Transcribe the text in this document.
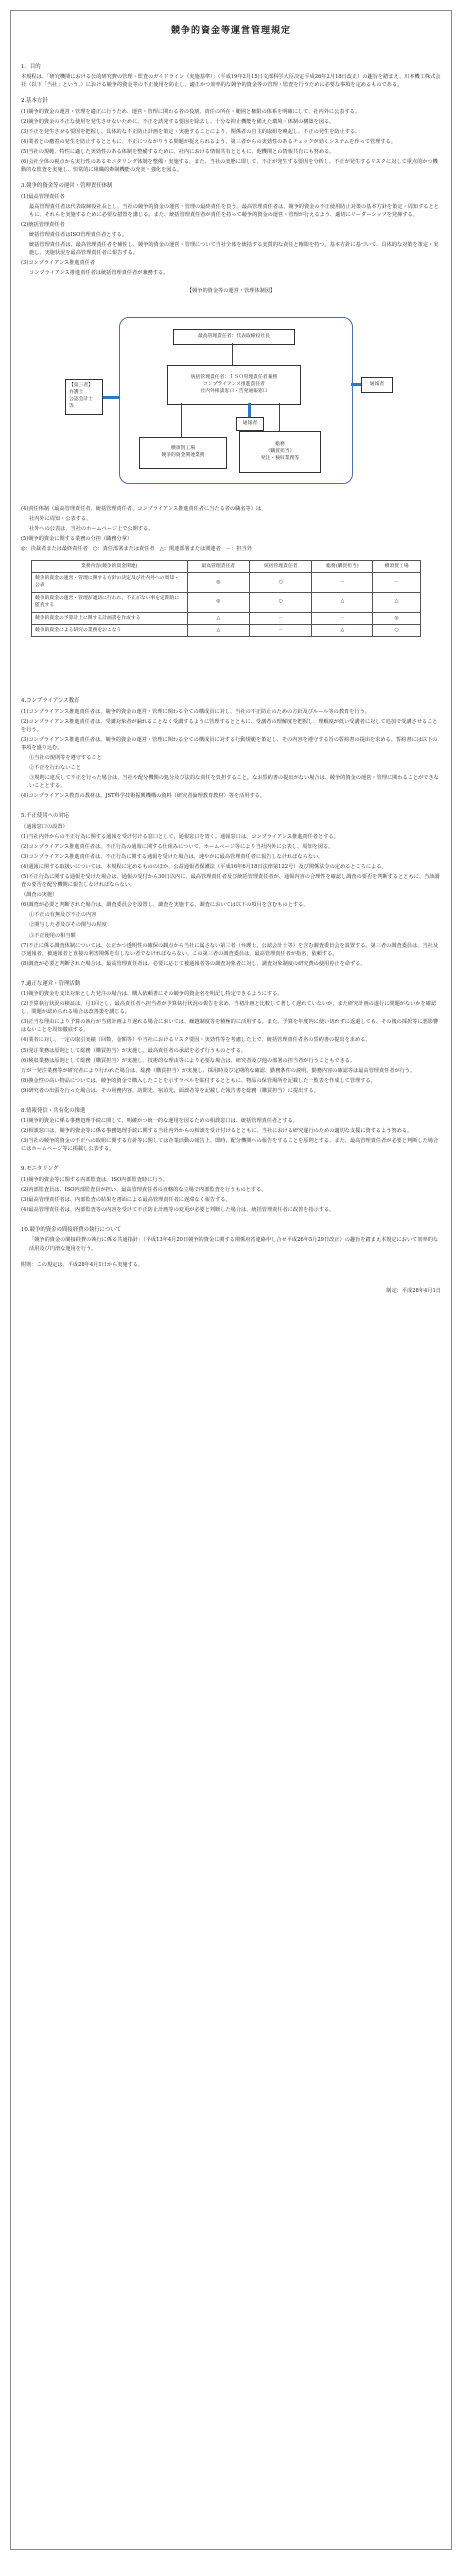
競争的資金等運営管理規定
1．目的

本規程は、「研究機関における公的研究費の管理・監査のガイドライン（実施基準）」（平成19年2月15日文部科学大臣決定平成26年2月18日改正）の趣旨を踏まえ、川本機工株式会社（以下「当社」という。）における競争的資金等の不正使用を防止し、適正かつ効率的な競争的資金等の管理・監査を行うために必要な事項を定めるものである。

2.基本方針

(1)競争的資金の運営・管理を適正に行うため、運営・管理に関わる者の役割、責任の所在・範囲と権限の体系を明確にして、社内外に公表する。

(2)競争的資金の不正な使用を発生させないために、不正を誘発する要因を除去し、十分な抑止機能を備えた環境・体制の構築を図る。

(3)不正を発生させる要因を把握し、具体的な不正防止計画を策定・実施することにより、関係者の自主的取組を喚起し、不正の発生を防止する。

(4)業者との癒着の発生を防止するとともに、不正につながりうる問題が捉えられるよう、第三者からの実効性のあるチェックが効くシステムを作って管理する。

(5)当社の規範、特性に適した実効性のある体制を整備するために、社内における情報共有とともに、他機関との情報共有にも努める。

(6)会社全体の視点から実行性のあるモニタリング体制を整備・実施する。また、当社の実態に即して、不正が発生する要因を分析し、不正が発生するリスクに対して重点的かつ機動的な監査を実施し、恒常的に組織的牽制機能の充実・強化を図る。

3.競争的資金等の運営・管理責任体制

(1)最高管理責任者

最高管理責任者は代表取締役社長とし、当社の競争的資金の運営・管理の最終責任を負う。最高管理責任者は、競争的資金の不正使用防止対策の基本方針を策定・周知するとともに、それらを実施するために必要な措置を講じる。また、統括管理責任者が責任を持って競争的資金の運営・管理が行えるよう、適切にリーダーシップを発揮する。

(2)統括管理責任者

統括管理責任者はISO管理責任者とする。

統括管理責任者は、最高管理責任者を補佐し、競争的資金の運営・管理について当社全体を統括する実質的な責任と権限を持つ。基本方針に基づいて、具体的な対策を策定・実施し、実施状況を最高管理責任者に報告する。

(3)コンプライアンス推進責任者

コンプライアンス推進責任者は統括管理責任者が兼務する。

【競争的資金等の運営・管理体制図】
最高管理責任者：代表取締役社長
統括管理責任者：ＩＳＯ管理責任者兼務
コンプライアンス推進責任者
社内外相談窓口・告発通報窓口
【第三者】
弁護士
公認会計士
等
通報者
通報者
横須賀工場
競争的資金関連業務
総務
（購買担当）
発注・検収業務等

(4)責任体制（最高管理責任者、統括管理責任者、コンプライアンス推進責任者に当たる者の職名等）は、

社内外に周知・公表する。

社外への公表は、当社のホームページ上で公開する。

(5)競争的資金に関する業務の分担（職務分掌）

◎：決裁者または最終責任者　○：責任部署または責任者　△：関連部署または関連者　－：担当外

業務内容(競争的資金関連)	最高管理責任者	統括管理責任者	総務(購買担当)	横須賀工場
競争的資金の運営・管理に関する方針の決定及び社内外への周知・公表	◎	○	－	－
競争的資金の運営・管理が適切に行われ、不正がない事を定期的に監査する	◎	○	△	△
競争的資金の予算計上に関する計画書を作成する	△	－	－	◎
競争的資金による研究の業務をおこなう	△	－	△	○
4.コンプライアンス教育

(1)コンプライアンス推進責任者は、競争的資金の運営・管理に関わる全ての構成員に対し、当社の不正防止のための方針及びルール等の教育を行う。

(2)コンプライアンス推進責任者は、受講対象者が漏れることなく受講するように管理するとともに、受講者の理解度を把握し、理解度が低い受講者に対して追加で受講させることを行う。

(3)コンプライアンス推進責任者は、競争的資金の運営・管理に関わる全ての構成員に対する行動規範を策定し、その内容を遵守する旨の誓約書の提出を求める。誓約書には以下の事項を盛り込む。

①当社の規則等を遵守すること

②不正を行わないこと

③規則に違反して不正を行った場合は、当社や配分機関の処分及び法的な責任を負担すること。なお誓約書の提出がない場合は、競争的資金の運営・管理に関わることができないこととする。

(4)コンプライアンス教育の教材は、JST科学技術振興機構の資料（研究者倫理教育教材）等を活用する。

5.不正使用への対応

（通報窓口の設置）

(1)当社内外からの不正行為に関する通報を受け付ける窓口として、通報窓口を置く。通報窓口は、コンプライアンス推進責任者とする。

(2)コンプライアンス推進責任者は、不正行為の通報に関する仕組みについて、ホームページ等により当社内外に公表し、周知を図る。

(3)コンプライアンス推進責任者は、不正行為に関する通報を受けた場合は、速やかに最高管理責任者に報告しなければならない。

(4)通報に関する取扱いについては、本規程に定めるもののほか、公益通報者保護法（平成16年6月18日法律第122号）及び関係法令の定めるところによる。

(5)不正行為に関する通報を受けた場合は、通報の受付から30日以内に、最高管理責任者及び統括管理責任者が、通報内容の合理性を確認し調査の要否を判断するとともに、当該調査の要否を配分機関に報告しなければならない。

（調査の実施）

(6)調査が必要と判断された場合は、調査委員会を設置し、調査を実施する。調査においては以下の項目を含むものとする。

①不正の有無及び不正の内容

②関与した者及びその関与の程度

③不正使用の相当額

(7)不正に係る調査体制については、公正かつ透明性の確保の観点から当社に属さない第三者（弁護士、公認会計士等）を含む調査委員会を設置する。第三者の調査委員は、当社及び通報者、被通報者と直接の利害関係を有しない者でなければならない。この第三者の調査委員は、最高管理責任者が指名、依頼する。

(8)調査が必要と判断された場合は、最高管理責任者は、必要に応じて被通報者等の調査対象者に対し、調査対象制度の研究費の使用停止を命ずる。

7.適正な運営・管理活動

(1)競争的資金を支出対象とした発注の場合は、購入依頼書にその競争的資金名を明記し特定できるようにする。

(2)予算執行状況の検証は、月1回とし、最高責任者へ担当者が予算執行状況の報告を求め、当初計画と比較して著しく遅れていないか、また研究計画の遂行に問題がないかを確認し、問題が認められる場合は改善策を講じる。

(3)正当な理由により予算の執行が当初計画より遅れる場合においては、繰越制度等を積極的に活用する。また、予算を年度内に使い切れずに返還しても、その後の採択等に悪影響はないことを周知徹底する。

(4)業者に対し、一定の取引実績（回数、金額等）や当社におけるリスク要因・実効性等を考慮した上で、統括管理責任者名の誓約書の提出を求める。

(5)発注業務は原則として総務（購買担当）が実施し、最高責任者の承認を必ず行うものとする。

(6)検収業務は原則として総務（購買担当）が実施し、技術的な理由等により必要な場合は、研究者及び他の部署の担当者が行うこともできる。

万が一発注業務等が研究者により行われた場合は、総務（購買担当）が実施し、採用時及び定期的な確認、勤務条件の説明、勤務内容の確認等は最高管理責任者が行う。

(8)換金性の高い物品については、競争的資金で購入したことを示すラベルを貼付するとともに、物品の保管場所を記載した一覧表を作成して管理する。

(9)研究者の出張を行った場合は、その用務内容、訪問先、宿泊先、面談者等を記載した報告書を総務（購買担当）に提出する。

8.情報発信・共有化の推進

(1)競争的資金に係る事務処理手続に関して、明確かつ統一的な運用を図るための相談窓口は、統括管理責任者とする。

(2)相談窓口は、競争的資金等に係る事務処理手続に関する当社内外からの相談を受け付けるとともに、当社における研究遂行のための適切な支援に資するよう努める。

(3)当社の競争的資金の不正への取組に関する方針等に関しては企業活動の報告上、即時、配分機関への報告をすることを原則とする。また、最高管理責任者が必要と判断した場合にはホームページ等に掲載し公表する。

9.モニタリング

(1)競争的資金等に関する内部監査は、ISO内部監査時に行う。

(2)内部監査員は、ISO内部監査員が担い、最高管理責任者の直轄的な立場で内部監査を行うものとする。

(3)最高管理責任者は、内部監査の結果を書面による最高管理責任者に遅滞なく報告する。

(4)最高管理責任者は、内部監査等の内容を受けて不正防止計画等の変更が必要と判断した場合は、統括管理責任者に改善を指示する。

10.競争的資金の間接経費の執行について

「競争的資金の間接経費の執行に係る共通指針」（平成13年4月20日競争的資金に関する関係府省連絡申し合せ平成26年5月29日改正）の趣旨を踏まえ本規定において効率的な活用及び円滑な運用を行う。

附則：この規定は、平成28年4月1日から実施する。

制定：平成28年4月1日
